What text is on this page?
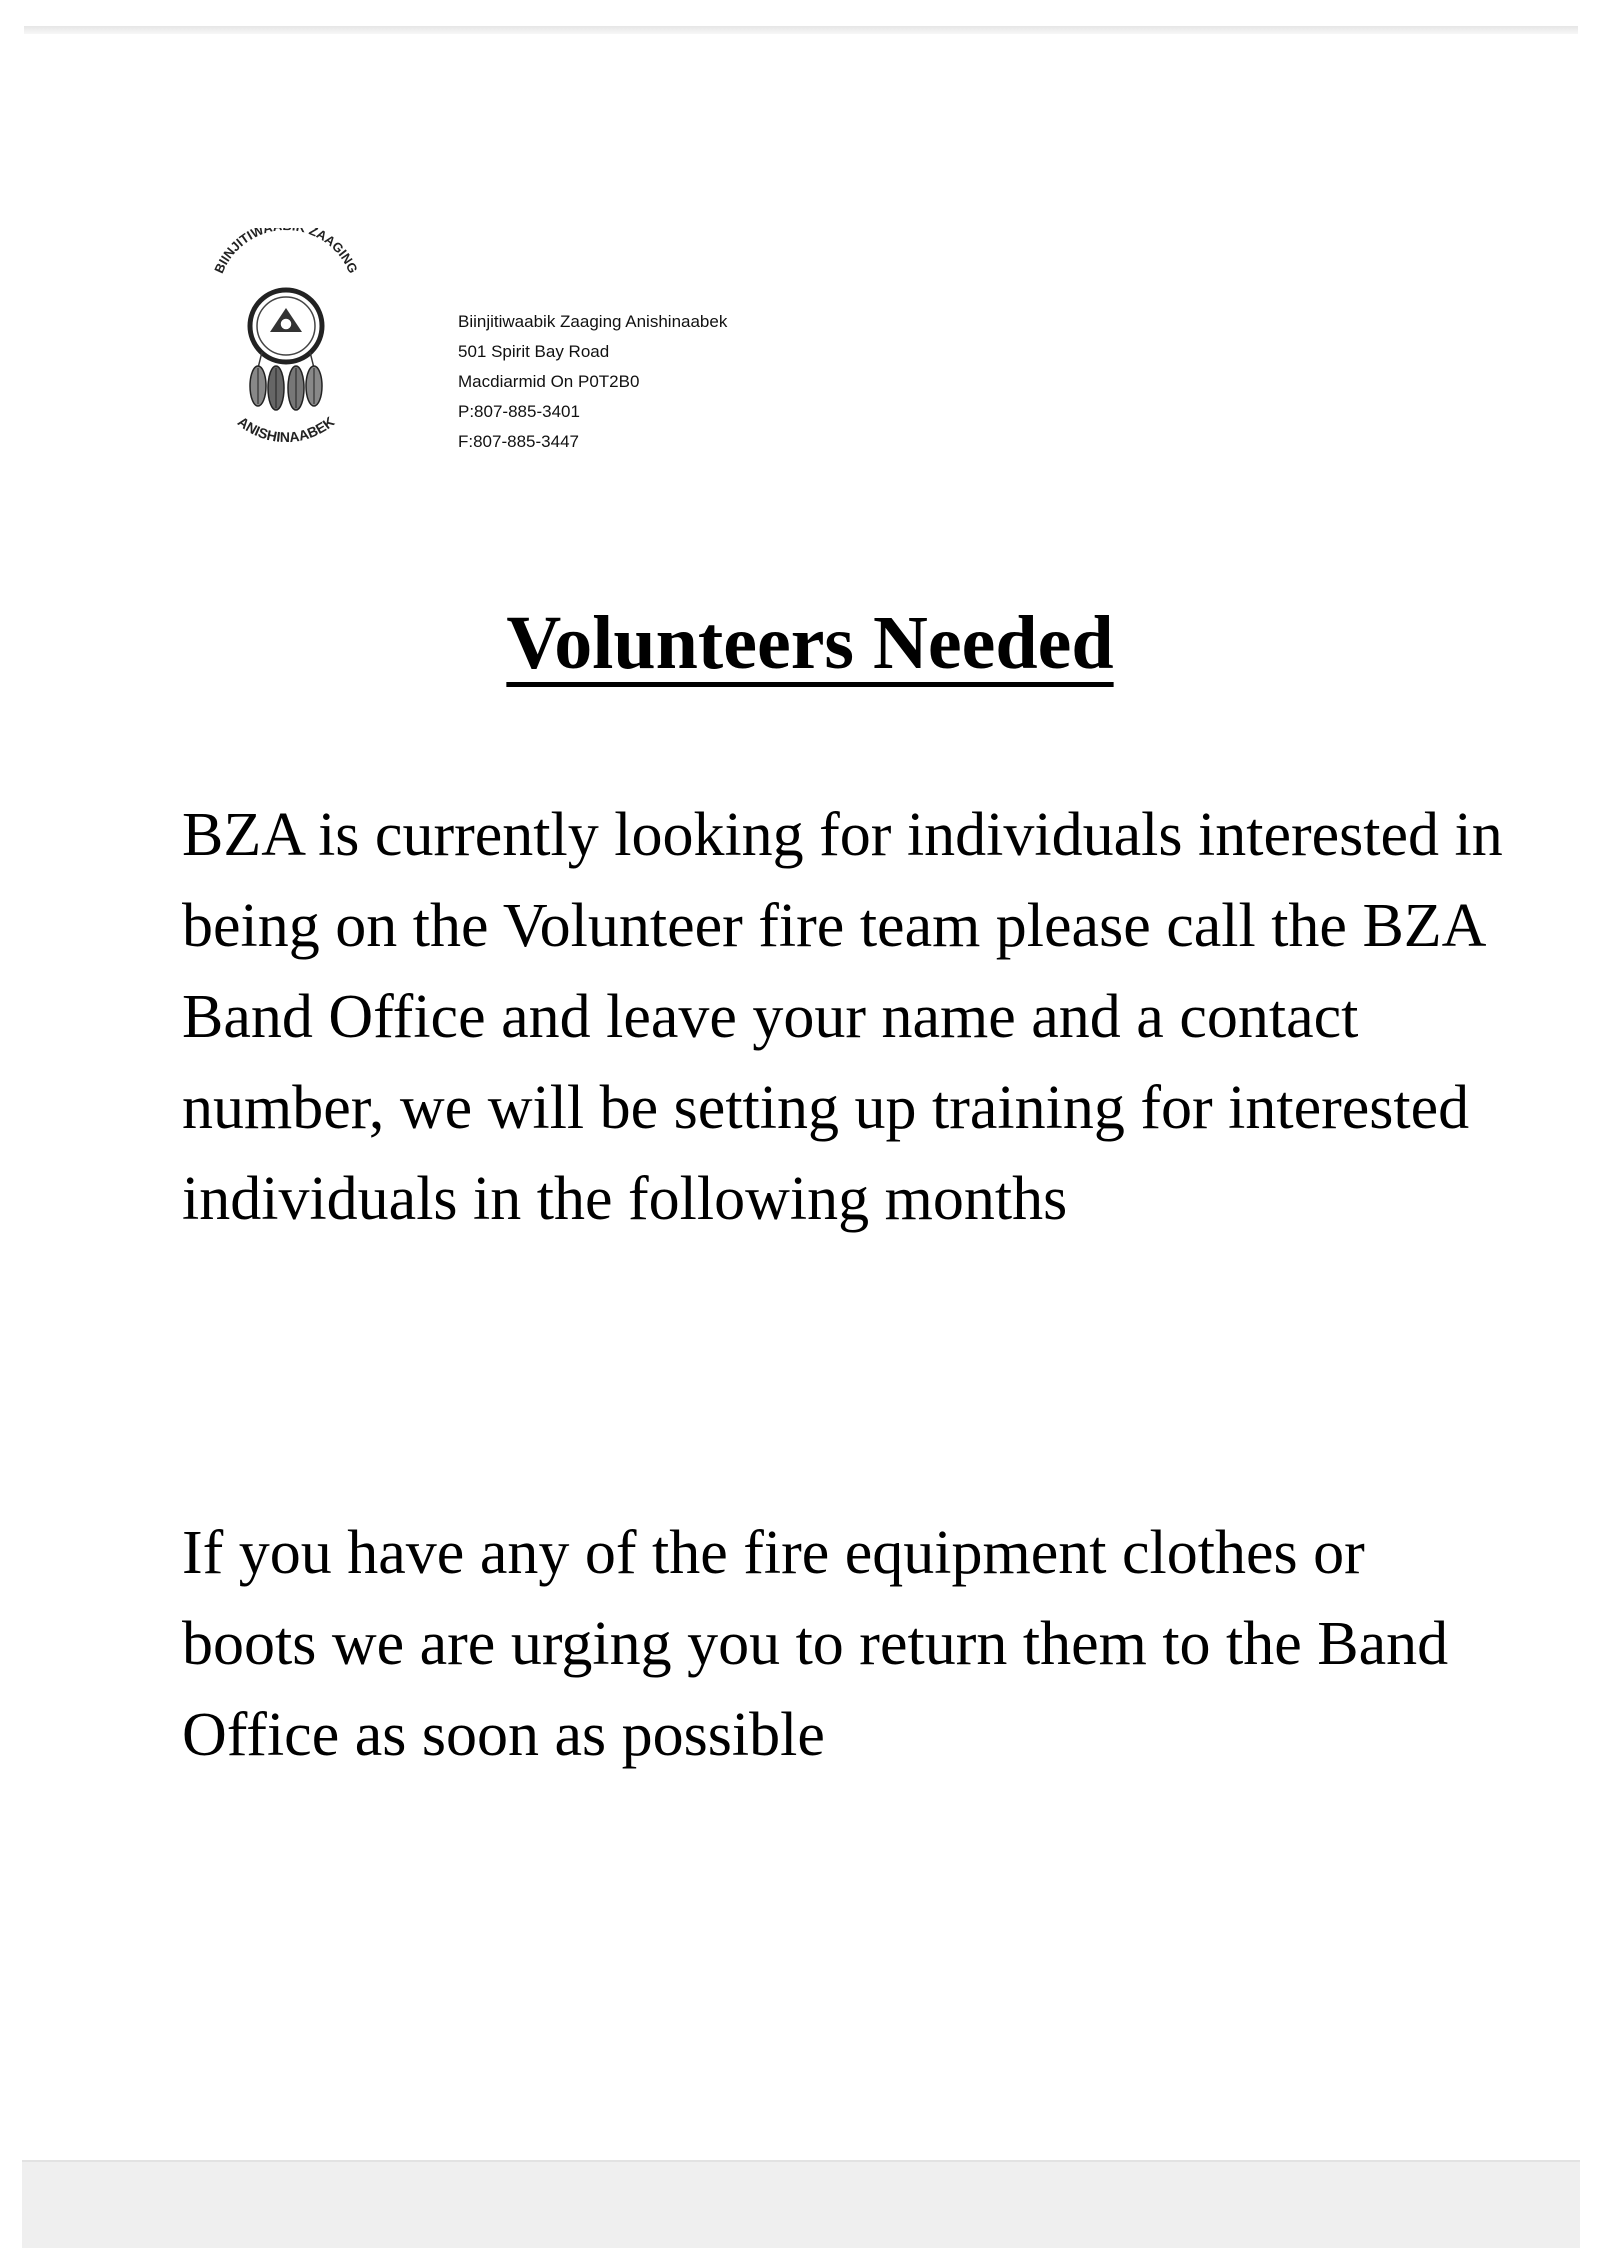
BIINJITIW ZAAGING
ANISHINAABEK
Biinjitiwaabik Zaaging Anishinaabek
501 Spirit Bay Road
Macdiarmid On P0T2B0
P:807-885-3401
F:807-885-3447
Volunteers Needed
BZA is currently looking for individuals interested in being on the Volunteer fire team please call the BZA Band Office and leave your name and a contact number, we will be setting up training for interested individuals in the following months
If you have any of the fire equipment clothes or boots we are urging you to return them to the Band Office as soon as possible
